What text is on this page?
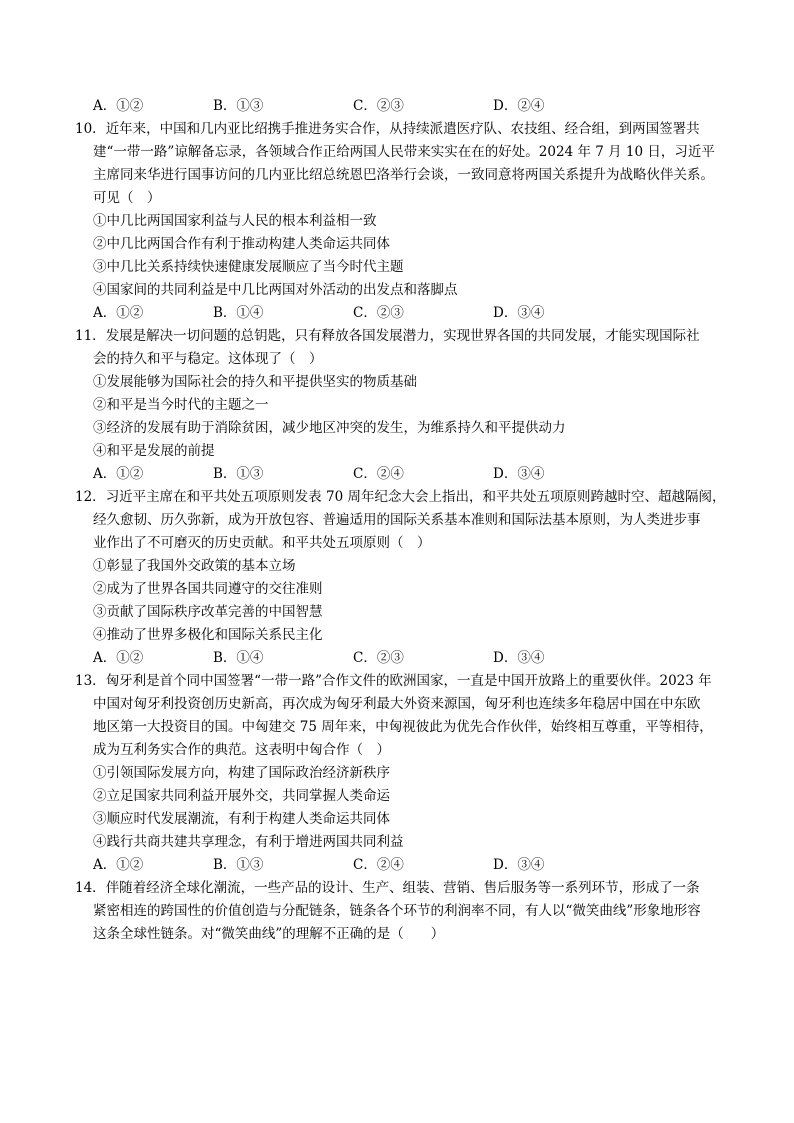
A．①②	B．①③	C．②③	D．②④
10．近年来，中国和几内亚比绍携手推进务实合作，从持续派遣医疗队、农技组、经合组，到两国签署共
建“一带一路”谅解备忘录，各领域合作正给两国人民带来实实在在的好处。2024 年 7 月 10 日，习近平
主席同来华进行国事访问的几内亚比绍总统恩巴洛举行会谈，一致同意将两国关系提升为战略伙伴关系。
可见（　）
①中几比两国国家利益与人民的根本利益相一致
②中几比两国合作有利于推动构建人类命运共同体
③中几比关系持续快速健康发展顺应了当今时代主题
④国家间的共同利益是中几比两国对外活动的出发点和落脚点
A．①②	B．①④	C．②③	D．③④
11．发展是解决一切问题的总钥匙，只有释放各国发展潜力，实现世界各国的共同发展，才能实现国际社
会的持久和平与稳定。这体现了（　）
①发展能够为国际社会的持久和平提供坚实的物质基础
②和平是当今时代的主题之一
③经济的发展有助于消除贫困，减少地区冲突的发生，为维系持久和平提供动力
④和平是发展的前提
A．①②	B．①③	C．②④	D．③④
12．习近平主席在和平共处五项原则发表 70 周年纪念大会上指出，和平共处五项原则跨越时空、超越隔阂，
经久愈韧、历久弥新，成为开放包容、普遍适用的国际关系基本准则和国际法基本原则，为人类进步事
业作出了不可磨灭的历史贡献。和平共处五项原则（　）
①彰显了我国外交政策的基本立场
②成为了世界各国共同遵守的交往准则
③贡献了国际秩序改革完善的中国智慧
④推动了世界多极化和国际关系民主化
A．①②	B．①④	C．②③	D．③④
13．匈牙利是首个同中国签署“一带一路”合作文件的欧洲国家，一直是中国开放路上的重要伙伴。2023 年
中国对匈牙利投资创历史新高，再次成为匈牙利最大外资来源国，匈牙利也连续多年稳居中国在中东欧
地区第一大投资目的国。中匈建交 75 周年来，中匈视彼此为优先合作伙伴，始终相互尊重，平等相待，
成为互利务实合作的典范。这表明中匈合作（　）
①引领国际发展方向，构建了国际政治经济新秩序
②立足国家共同利益开展外交，共同掌握人类命运
③顺应时代发展潮流，有利于构建人类命运共同体
④践行共商共建共享理念，有利于增进两国共同利益
A．①②	B．①③	C．②④	D．③④
14．伴随着经济全球化潮流，一些产品的设计、生产、组装、营销、售后服务等一系列环节，形成了一条
紧密相连的跨国性的价值创造与分配链条，链条各个环节的利润率不同，有人以“微笑曲线”形象地形容
这条全球性链条。对“微笑曲线”的理解不正确的是（　　）
